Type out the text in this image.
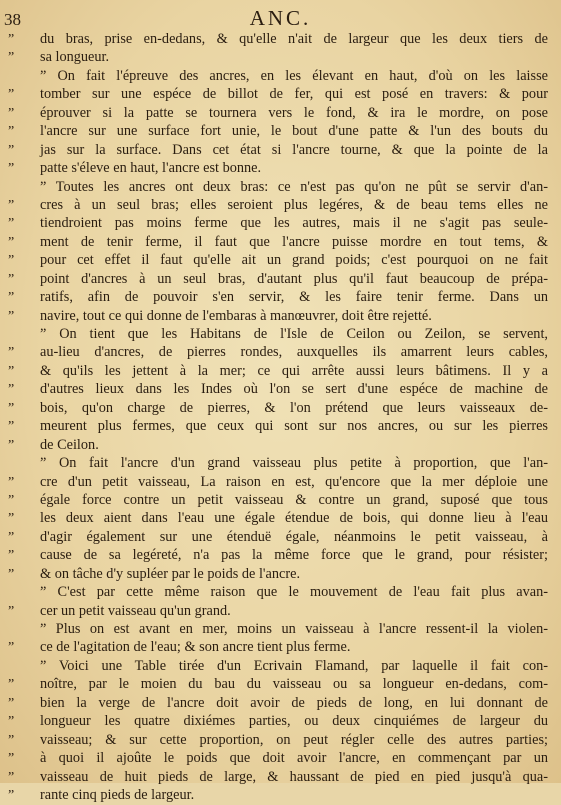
38	ANC.
”	du bras, prise en-dedans, & qu'elle n'ait de largeur que les deux tiers de
”	sa longueur.
” On fait l'épreuve des ancres, en les élevant en haut, d'où on les laisse
”	tomber sur une espéce de billot de fer, qui est posé en travers: & pour
”	éprouver si la patte se tournera vers le fond, & ira le mordre, on pose
”	l'ancre sur une surface fort unie, le bout d'une patte & l'un des bouts du
”	jas sur la surface. Dans cet état si l'ancre tourne, & que la pointe de la
”	patte s'éleve en haut, l'ancre est bonne.
” Toutes les ancres ont deux bras: ce n'est pas qu'on ne pût se servir d'an-
”	cres à un seul bras; elles seroient plus legéres, & de beau tems elles ne
”	tiendroient pas moins ferme que les autres, mais il ne s'agit pas seule-
”	ment de tenir ferme, il faut que l'ancre puisse mordre en tout tems, &
”	pour cet effet il faut qu'elle ait un grand poids; c'est pourquoi on ne fait
”	point d'ancres à un seul bras, d'autant plus qu'il faut beaucoup de prépa-
”	ratifs, afin de pouvoir s'en servir, & les faire tenir ferme. Dans un
”	navire, tout ce qui donne de l'embaras à manœuvrer, doit être rejetté.
” On tient que les Habitans de l'Isle de Ceilon ou Zeilon, se servent,
”	au-lieu d'ancres, de pierres rondes, auxquelles ils amarrent leurs cables,
”	& qu'ils les jettent à la mer; ce qui arrête aussi leurs bâtimens. Il y a
”	d'autres lieux dans les Indes où l'on se sert d'une espéce de machine de
”	bois, qu'on charge de pierres, & l'on prétend que leurs vaisseaux de-
”	meurent plus fermes, que ceux qui sont sur nos ancres, ou sur les pierres
”	de Ceilon.
” On fait l'ancre d'un grand vaisseau plus petite à proportion, que l'an-
”	cre d'un petit vaisseau, La raison en est, qu'encore que la mer déploie une
”	égale force contre un petit vaisseau & contre un grand, suposé que tous
”	les deux aient dans l'eau une égale étendue de bois, qui donne lieu à l'eau
”	d'agir également sur une étenduë égale, néanmoins le petit vaisseau, à
”	cause de sa legéreté, n'a pas la même force que le grand, pour résister;
”	& on tâche d'y supléer par le poids de l'ancre.
” C'est par cette même raison que le mouvement de l'eau fait plus avan-
”	cer un petit vaisseau qu'un grand.
” Plus on est avant en mer, moins un vaisseau à l'ancre ressent-il la violen-
”	ce de l'agitation de l'eau; & son ancre tient plus ferme.
” Voici une Table tirée d'un Ecrivain Flamand, par laquelle il fait con-
”	noître, par le moien du bau du vaisseau ou sa longueur en-dedans, com-
”	bien la verge de l'ancre doit avoir de pieds de long, en lui donnant de
”	longueur les quatre dixiémes parties, ou deux cinquiémes de largeur du
”	vaisseau; & sur cette proportion, on peut régler celle des autres parties;
”	à quoi il ajoûte le poids que doit avoir l'ancre, en commençant par un
”	vaisseau de huit pieds de large, & haussant de pied en pied jusqu'à qua-
”	rante cinq pieds de largeur.
